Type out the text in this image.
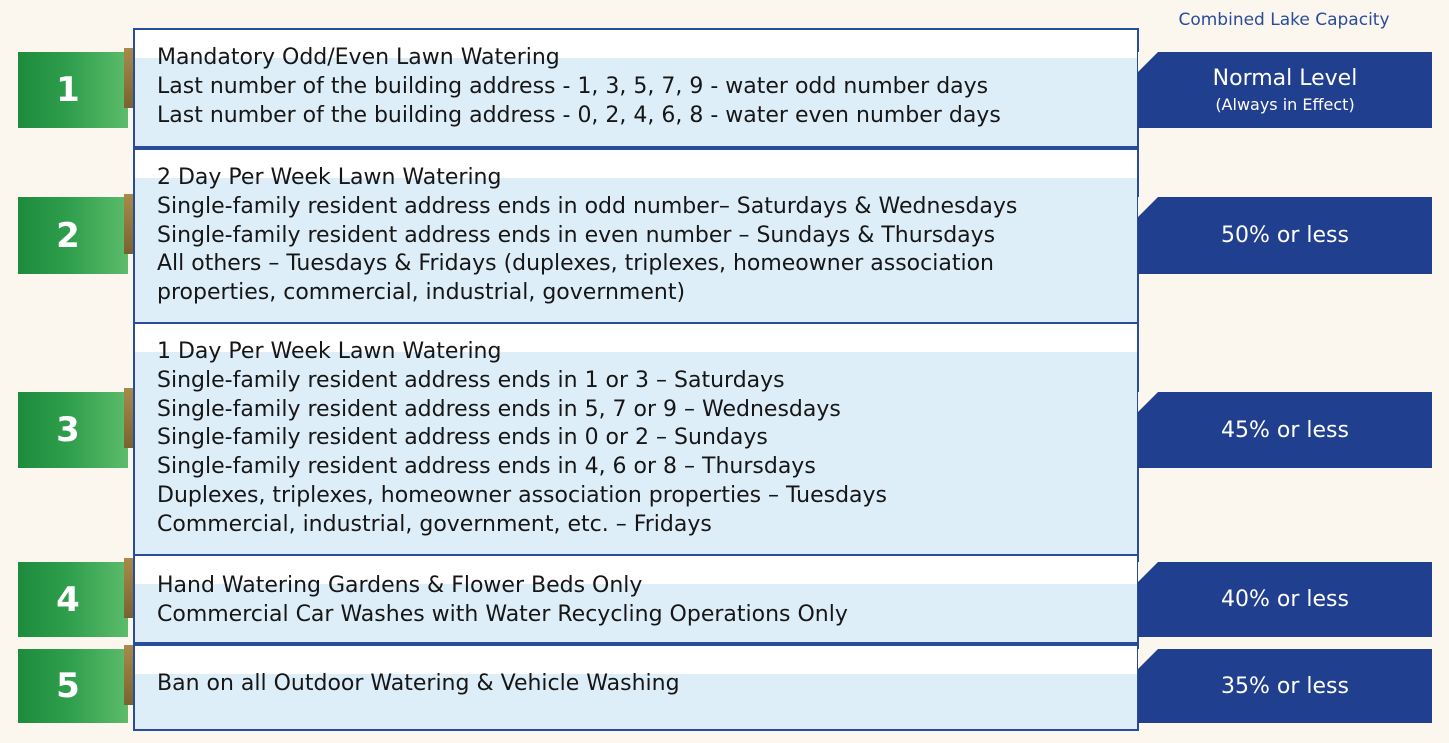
Combined Lake Capacity
1
Mandatory Odd/Even Lawn Watering
Last number of the building address - 1, 3, 5, 7, 9 - water odd number days
Last number of the building address - 0, 2, 4, 6, 8 - water even number days
Normal Level
(Always in Effect)
2
2 Day Per Week Lawn Watering
Single-family resident address ends in odd number– Saturdays & Wednesdays
Single-family resident address ends in even number – Sundays & Thursdays
All others – Tuesdays & Fridays (duplexes, triplexes, homeowner association
properties, commercial, industrial, government)
50% or less
3
1 Day Per Week Lawn Watering
Single-family resident address ends in 1 or 3 – Saturdays
Single-family resident address ends in 5, 7 or 9 – Wednesdays
Single-family resident address ends in 0 or 2 – Sundays
Single-family resident address ends in 4, 6 or 8 – Thursdays
Duplexes, triplexes, homeowner association properties – Tuesdays
Commercial, industrial, government, etc. – Fridays
45% or less
4	Hand Watering Gardens & Flower Beds Only
Commercial Car Washes with Water Recycling Operations Only
40% or less
5	Ban on all Outdoor Watering & Vehicle Washing	35% or less
